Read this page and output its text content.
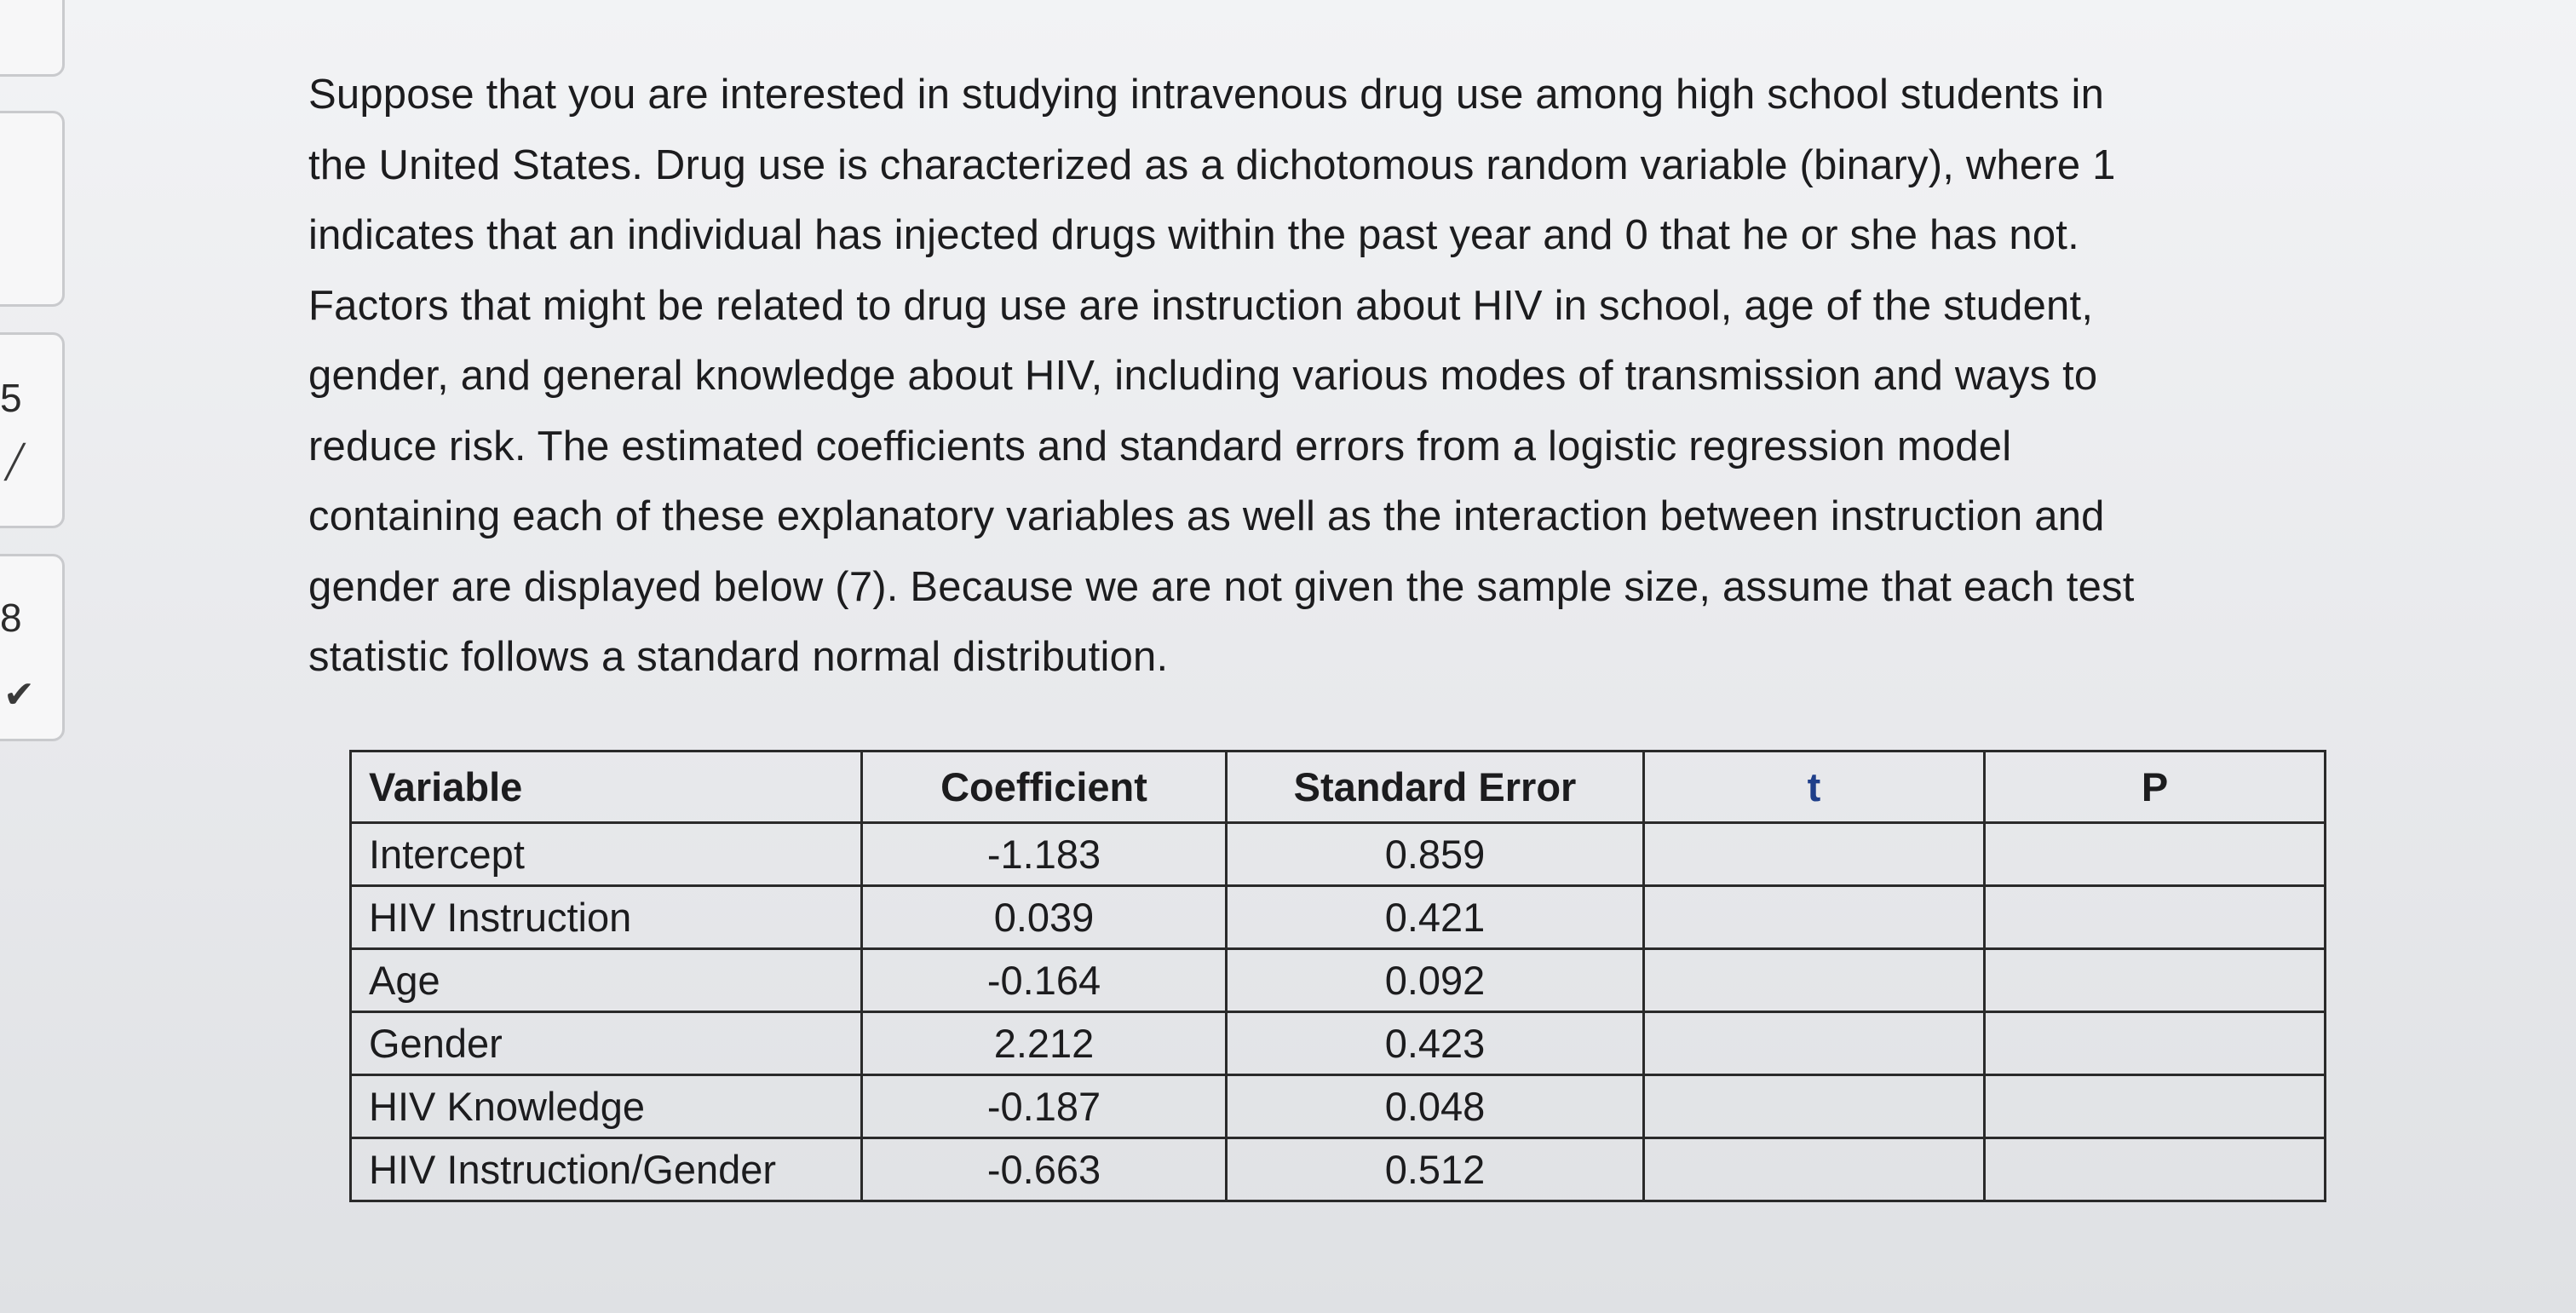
5
╱
8
✔
Suppose that you are interested in studying intravenous drug use among high school students in
the United States. Drug use is characterized as a dichotomous random variable (binary), where 1
indicates that an individual has injected drugs within the past year and 0 that he or she has not.
Factors that might be related to drug use are instruction about HIV in school, age of the student,
gender, and general knowledge about HIV, including various modes of transmission and ways to
reduce risk. The estimated coefficients and standard errors from a logistic regression model
containing each of these explanatory variables as well as the interaction between instruction and
gender are displayed below (7). Because we are not given the sample size, assume that each test
statistic follows a standard normal distribution.
Variable	Coefficient	Standard Error	t	P
Intercept	-1.183	0.859		
HIV Instruction	0.039	0.421		
Age	-0.164	0.092		
Gender	2.212	0.423		
HIV Knowledge	-0.187	0.048		
HIV Instruction/Gender	-0.663	0.512		
